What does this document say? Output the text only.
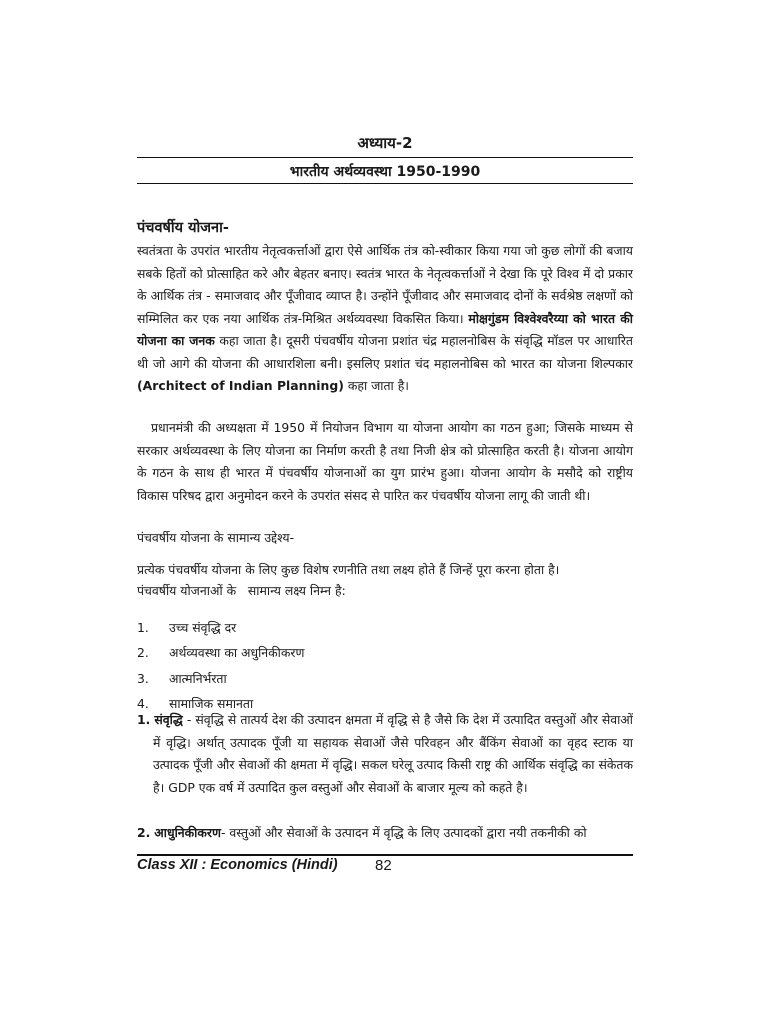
अध्याय-2
भारतीय अर्थव्यवस्था 1950-1990

पंचवर्षीय योजना-

स्वतंत्रता के उपरांत भारतीय नेतृत्वकर्त्ताओं द्वारा ऐसे आर्थिक तंत्र को-स्वीकार किया गया जो कुछ लोगों की बजाय सबके हितों को प्रोत्साहित करे और बेहतर बनाए। स्वतंत्र भारत के नेतृत्वकर्त्ताओं ने देखा कि पूरे विश्व में दो प्रकार के आर्थिक तंत्र - समाजवाद और पूँजीवाद व्याप्त है। उन्होंने पूँजीवाद और समाजवाद दोनों के सर्वश्रेष्ठ लक्षणों को सम्मिलित कर एक नया आर्थिक तंत्र-मिश्रित अर्थव्यवस्था विकसित किया। मोक्षगुंडम विश्वेश्वरैय्या को भारत की योजना का जनक कहा जाता है। दूसरी पंचवर्षीय योजना प्रशांत चंद्र महालनोबिस के संवृद्धि मॉडल पर आधारित थी जो आगे की योजना की आधारशिला बनी। इसलिए प्रशांत चंद महालनोबिस को भारत का योजना शिल्पकार (Architect of Indian Planning) कहा जाता है।

प्रधानमंत्री की अध्यक्षता में 1950 में नियोजन विभाग या योजना आयोग का गठन हुआ; जिसके माध्यम से सरकार अर्थव्यवस्था के लिए योजना का निर्माण करती है तथा निजी क्षेत्र को प्रोत्साहित करती है। योजना आयोग के गठन के साथ ही भारत में पंचवर्षीय योजनाओं का युग प्रारंभ हुआ। योजना आयोग के मसौदे को राष्ट्रीय विकास परिषद द्वारा अनुमोदन करने के उपरांत संसद से पारित कर पंचवर्षीय योजना लागू की जाती थी।

पंचवर्षीय योजना के सामान्य उद्देश्य-

प्रत्येक पंचवर्षीय योजना के लिए कुछ विशेष रणनीति तथा लक्ष्य होते हैं जिन्हें पूरा करना होता है।

पंचवर्षीय योजनाओं के   सामान्य लक्ष्य निम्न है:

1. उच्च संवृद्धि दर
2. अर्थव्यवस्था का अधुनिकीकरण
3. आत्मनिर्भरता
4. सामाजिक समानता

1. संवृद्धि - संवृद्धि से तात्पर्य देश की उत्पादन क्षमता में वृद्धि से है जैसे कि देश में उत्पादित वस्तुओं और सेवाओं में वृद्धि। अर्थात् उत्पादक पूँजी या सहायक सेवाओं जैसे परिवहन और बैंकिंग सेवाओं का वृहद स्टाक या उत्पादक पूँजी और सेवाओं की क्षमता में वृद्धि। सकल घरेलू उत्पाद किसी राष्ट्र की आर्थिक संवृद्धि का संकेतक है। GDP एक वर्ष में उत्पादित कुल वस्तुओं और सेवाओं के बाजार मूल्य को कहते है।

2. आधुनिकीकरण- वस्तुओं और सेवाओं के उत्पादन में वृद्धि के लिए उत्पादकों द्वारा नयी तकनीकी को

Class XII : Economics (Hindi) 82
